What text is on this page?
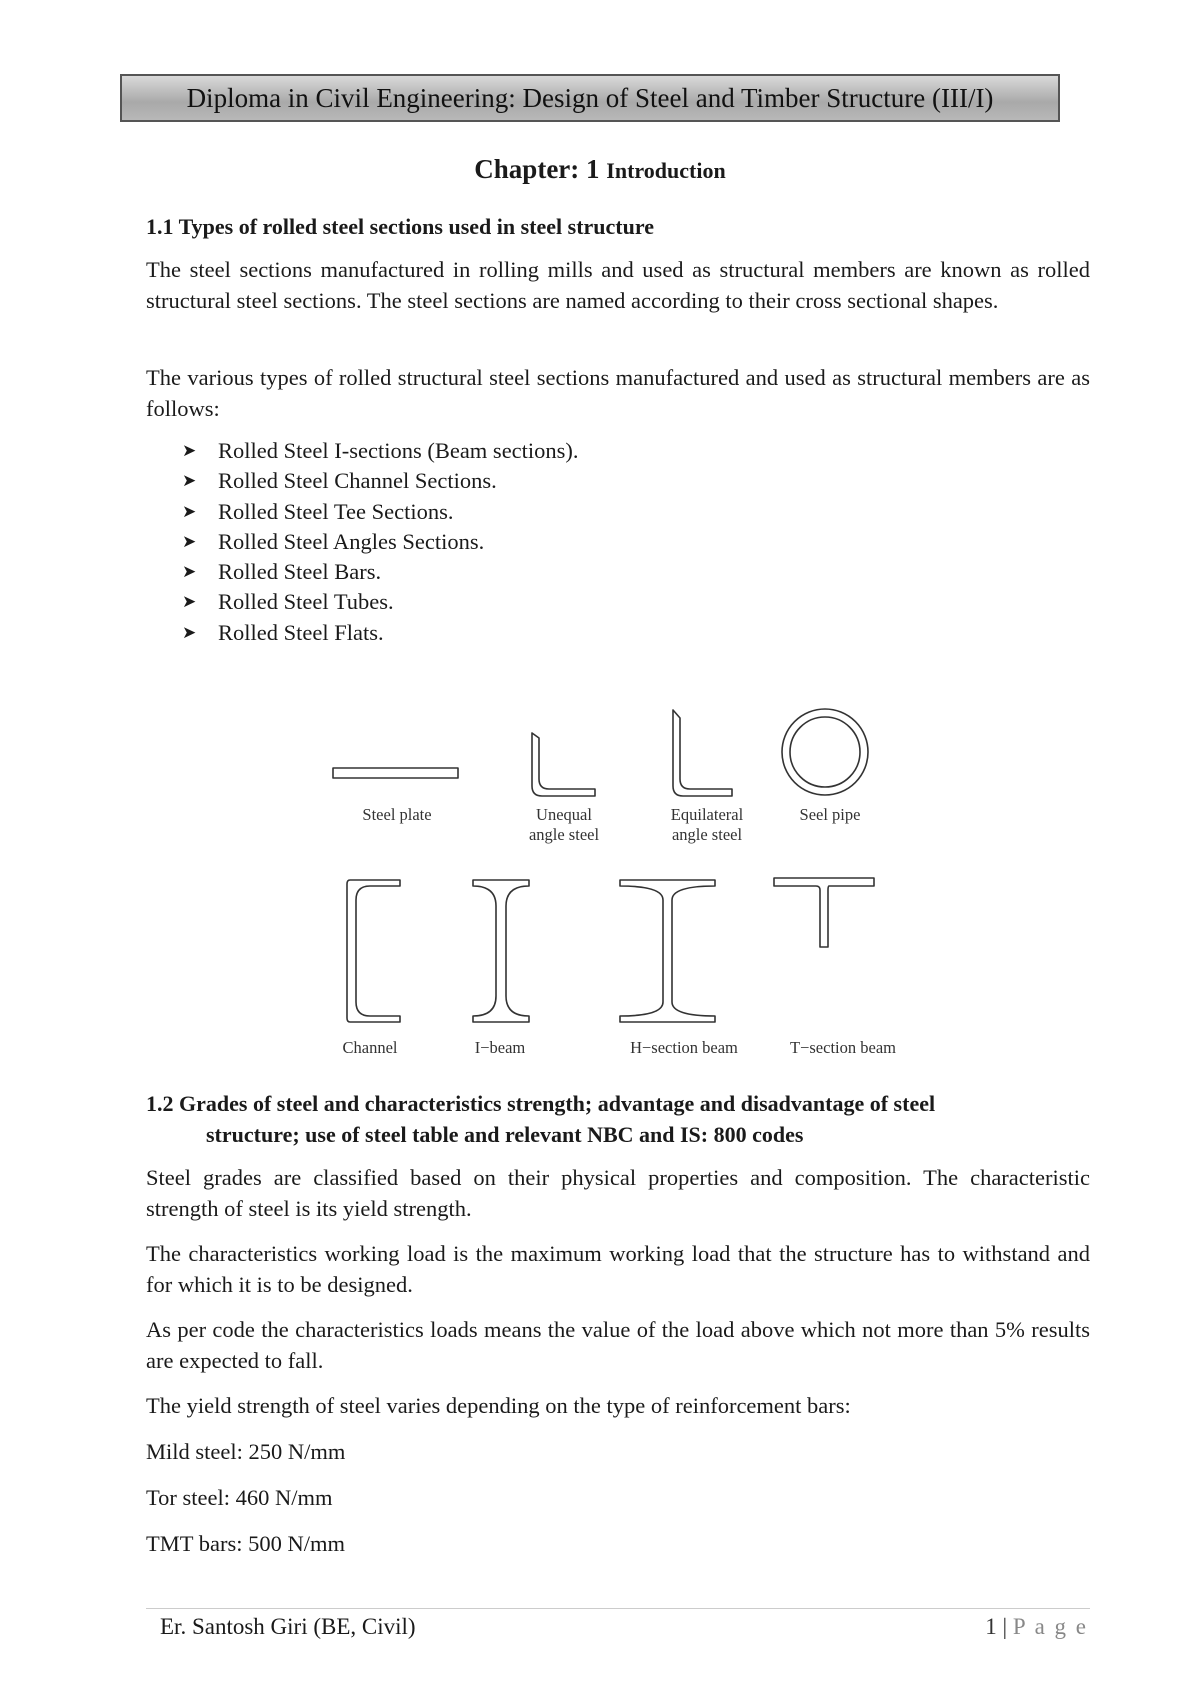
Diploma in Civil Engineering: Design of Steel and Timber Structure (III/I)
Chapter: 1 Introduction
1.1 Types of rolled steel sections used in steel structure
The steel sections manufactured in rolling mills and used as structural members are known as rolled structural steel sections. The steel sections are named according to their cross sectional shapes.
The various types of rolled structural steel sections manufactured and used as structural members are as follows:
➤ Rolled Steel I-sections (Beam sections).
➤ Rolled Steel Channel Sections.
➤ Rolled Steel Tee Sections.
➤ Rolled Steel Angles Sections.
➤ Rolled Steel Bars.
➤ Rolled Steel Tubes.
➤ Rolled Steel Flats.
Steel plate	Unequal
angle steel
Equilateral
angle steel
Seel pipe
Channel	I−beam	H−section beam	T−section beam
1.2 Grades of steel and characteristics strength; advantage and disadvantage of steel
structure; use of steel table and relevant NBC and IS: 800 codes
Steel grades are classified based on their physical properties and composition. The characteristic strength of steel is its yield strength.
The characteristics working load is the maximum working load that the structure has to withstand and for which it is to be designed.
As per code the characteristics loads means the value of the load above which not more than 5% results are expected to fall.
The yield strength of steel varies depending on the type of reinforcement bars:
Mild steel: 250 N/mm
Tor steel: 460 N/mm
TMT bars: 500 N/mm
Er. Santosh Giri (BE, Civil)	1 | P a g e
